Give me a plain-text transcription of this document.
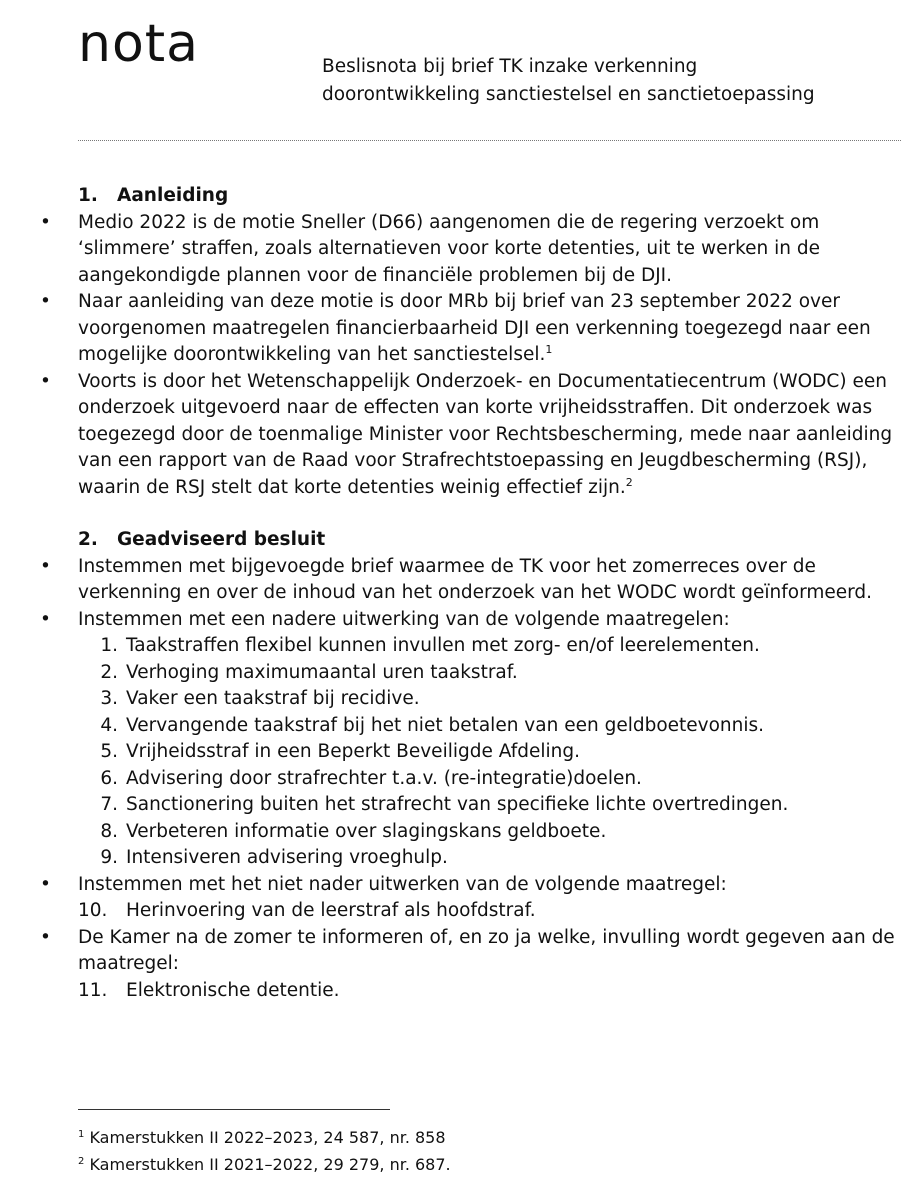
nota	Beslisnota bij brief TK inzake verkenning
doorontwikkeling sanctiestelsel en sanctietoepassing
1. Aanleiding
•	Medio 2022 is de motie Sneller (D66) aangenomen die de regering verzoekt om ‘slimmere’ straffen, zoals alternatieven voor korte detenties, uit te werken in de aangekondigde plannen voor de financiële problemen bij de DJI.
•	Naar aanleiding van deze motie is door MRb bij brief van 23 september 2022 over voorgenomen maatregelen financierbaarheid DJI een verkenning toegezegd naar een mogelijke doorontwikkeling van het sanctiestelsel.$^1$
•	Voorts is door het Wetenschappelijk Onderzoek- en Documentatiecentrum (WODC) een onderzoek uitgevoerd naar de effecten van korte vrijheidsstraffen. Dit onderzoek was toegezegd door de toenmalige Minister voor Rechtsbescherming, mede naar aanleiding van een rapport van de Raad voor Strafrechtstoepassing en Jeugdbescherming (RSJ), waarin de RSJ stelt dat korte detenties weinig effectief zijn.$^2$
2. Geadviseerd besluit
•	Instemmen met bijgevoegde brief waarmee de TK voor het zomerreces over de verkenning en over de inhoud van het onderzoek van het WODC wordt geïnformeerd.
•	Instemmen met een nadere uitwerking van de volgende maatregelen:
1. Taakstraffen flexibel kunnen invullen met zorg- en/of leerelementen.
2. Verhoging maximumaantal uren taakstraf.
3. Vaker een taakstraf bij recidive.
4. Vervangende taakstraf bij het niet betalen van een geldboetevonnis.
5. Vrijheidsstraf in een Beperkt Beveiligde Afdeling.
6. Advisering door strafrechter t.a.v. (re-integratie)doelen.
7. Sanctionering buiten het strafrecht van specifieke lichte overtredingen.
8. Verbeteren informatie over slagingskans geldboete.
9. Intensiveren advisering vroeghulp.
•	Instemmen met het niet nader uitwerken van de volgende maatregel:
10. Herinvoering van de leerstraf als hoofdstraf.
•	De Kamer na de zomer te informeren of, en zo ja welke, invulling wordt gegeven aan de maatregel:
11. Elektronische detentie.
$^1$ Kamerstukken II 2022–2023, 24 587, nr. 858
$^2$ Kamerstukken II 2021–2022, 29 279, nr. 687.
